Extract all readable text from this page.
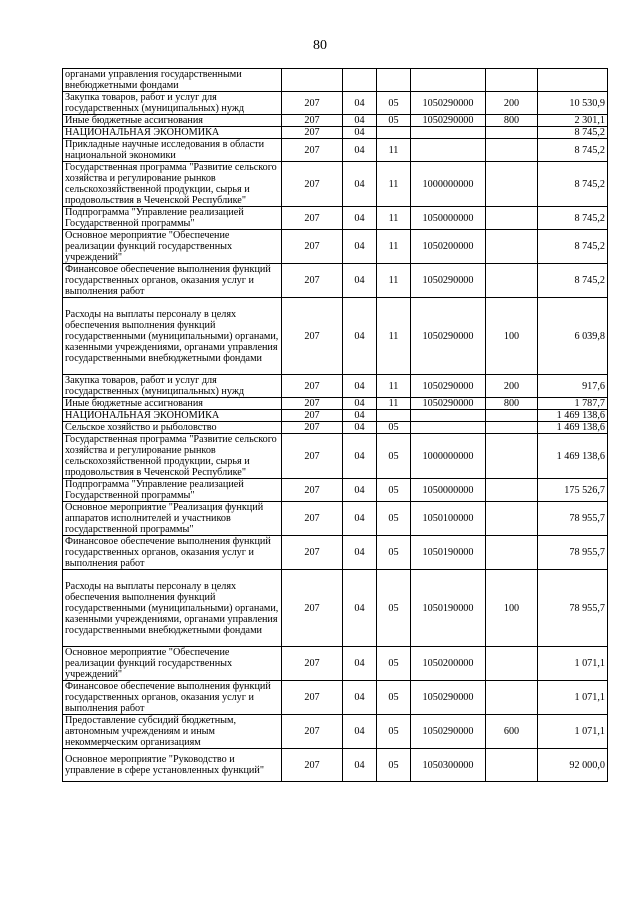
80
органами управления государственными внебюджетными фондами						
Закупка товаров, работ и услуг для государственных (муниципальных) нужд	207	04	05	1050290000	200	10 530,9
Иные бюджетные ассигнования	207	04	05	1050290000	800	2 301,1
НАЦИОНАЛЬНАЯ ЭКОНОМИКА	207	04				8 745,2
Прикладные научные исследования в области национальной экономики	207	04	11			8 745,2
Государственная программа "Развитие сельского хозяйства и регулирование рынков сельскохозяйственной продукции, сырья и продовольствия в Чеченской Республике"	207	04	11	1000000000		8 745,2
Подпрограмма "Управление реализацией Государственной программы"	207	04	11	1050000000		8 745,2
Основное мероприятие "Обеспечение реализации функций государственных учреждений"	207	04	11	1050200000		8 745,2
Финансовое обеспечение выполнения функций государственных органов, оказания услуг и выполнения работ	207	04	11	1050290000		8 745,2
Расходы на выплаты персоналу в целях обеспечения выполнения функций государственными (муниципальными) органами, казенными учреждениями, органами управления государственными внебюджетными фондами	207	04	11	1050290000	100	6 039,8
Закупка товаров, работ и услуг для государственных (муниципальных) нужд	207	04	11	1050290000	200	917,6
Иные бюджетные ассигнования	207	04	11	1050290000	800	1 787,7
НАЦИОНАЛЬНАЯ ЭКОНОМИКА	207	04				1 469 138,6
Сельское хозяйство и рыболовство	207	04	05			1 469 138,6
Государственная программа "Развитие сельского хозяйства и регулирование рынков сельскохозяйственной продукции, сырья и продовольствия в Чеченской Республике"	207	04	05	1000000000		1 469 138,6
Подпрограмма "Управление реализацией Государственной программы"	207	04	05	1050000000		175 526,7
Основное мероприятие "Реализация функций аппаратов исполнителей и участников государственной программы"	207	04	05	1050100000		78 955,7
Финансовое обеспечение выполнения функций государственных органов, оказания услуг и выполнения работ	207	04	05	1050190000		78 955,7
Расходы на выплаты персоналу в целях обеспечения выполнения функций государственными (муниципальными) органами, казенными учреждениями, органами управления государственными внебюджетными фондами	207	04	05	1050190000	100	78 955,7
Основное мероприятие "Обеспечение реализации функций государственных учреждений"	207	04	05	1050200000		1 071,1
Финансовое обеспечение выполнения функций государственных органов, оказания услуг и выполнения работ	207	04	05	1050290000		1 071,1
Предоставление субсидий бюджетным, автономным учреждениям и иным некоммерческим организациям	207	04	05	1050290000	600	1 071,1
Основное мероприятие "Руководство и управление в сфере установленных функций"	207	04	05	1050300000		92 000,0
